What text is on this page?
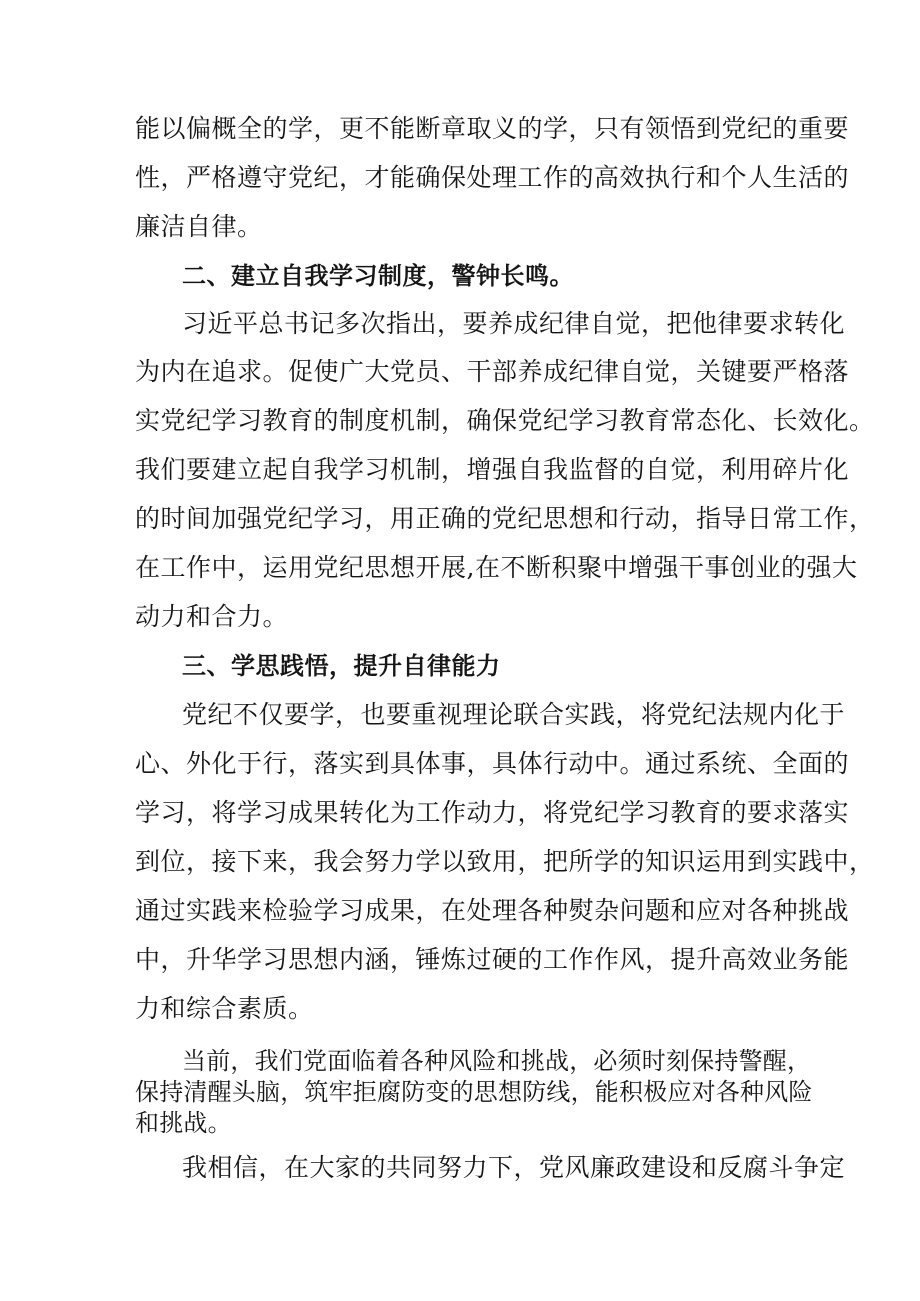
能以偏概全的学，更不能断章取义的学，只有领悟到党纪的重要

性，严格遵守党纪，才能确保处理工作的高效执行和个人生活的

廉洁自律。

二、建立自我学习制度，警钟长鸣。

习近平总书记多次指出，要养成纪律自觉，把他律要求转化

为内在追求。促使广大党员、干部养成纪律自觉，关键要严格落

实党纪学习教育的制度机制，确保党纪学习教育常态化、长效化。

我们要建立起自我学习机制，增强自我监督的自觉，利用碎片化

的时间加强党纪学习，用正确的党纪思想和行动，指导日常工作，

在工作中，运用党纪思想开展,在不断积聚中增强干事创业的强大

动力和合力。

三、学思践悟，提升自律能力

党纪不仅要学，也要重视理论联合实践，将党纪法规内化于

心、外化于行，落实到具体事，具体行动中。通过系统、全面的

学习，将学习成果转化为工作动力，将党纪学习教育的要求落实

到位，接下来，我会努力学以致用，把所学的知识运用到实践中，

通过实践来检验学习成果，在处理各种熨杂问题和应对各种挑战

中，升华学习思想内涵，锤炼过硬的工作作风，提升高效业务能

力和综合素质。

当前，我们党面临着各种风险和挑战，必须时刻保持警醒，

保持清醒头脑，筑牢拒腐防变的思想防线，能积极应对各种风险

和挑战。

我相信，在大家的共同努力下，党风廉政建设和反腐斗争定
